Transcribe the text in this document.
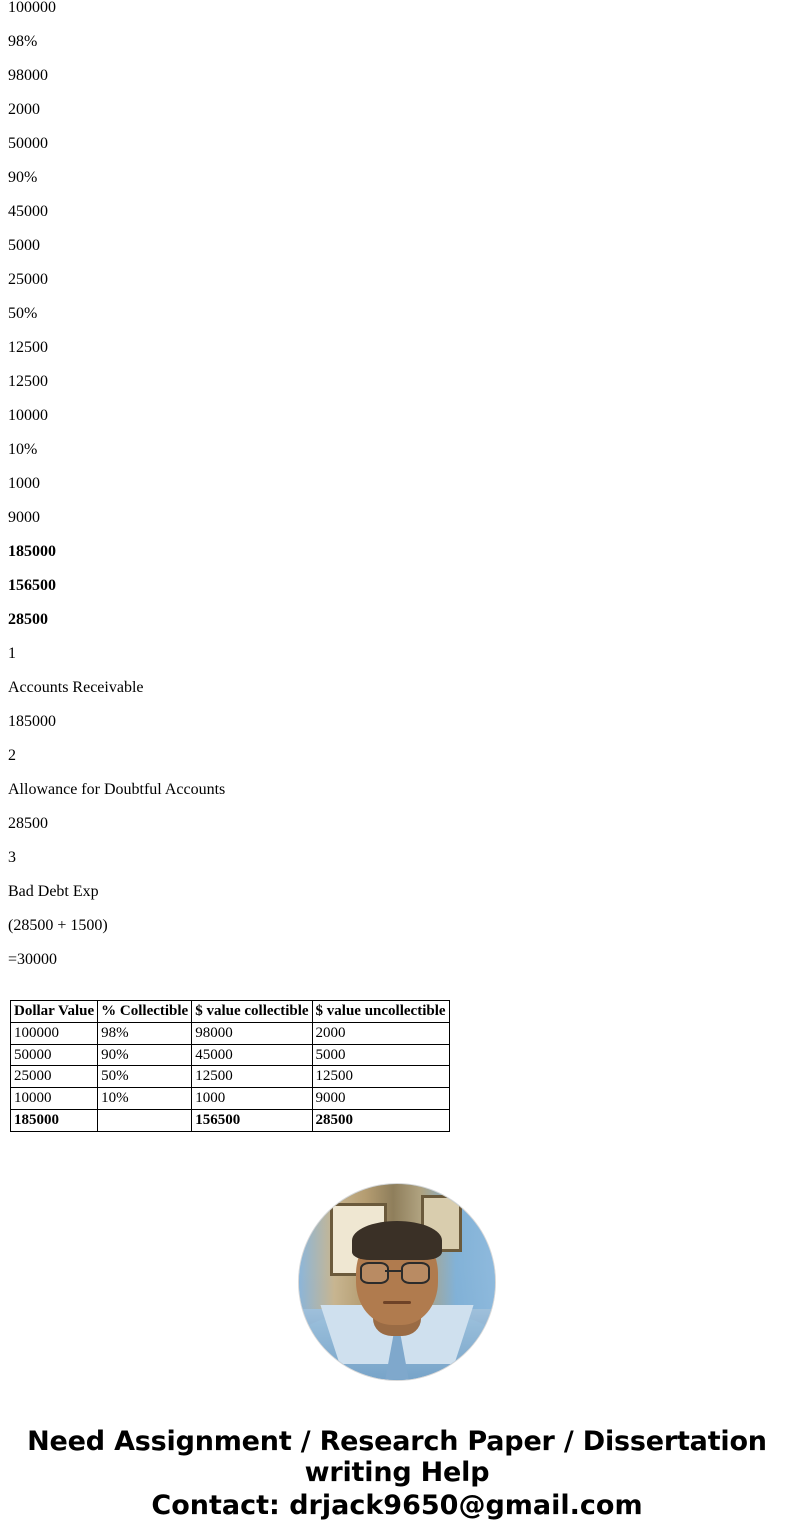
100000
98%
98000
2000
50000
90%
45000
5000
25000
50%
12500
12500
10000
10%
1000
9000
185000
156500
28500
1
Accounts Receivable
185000
2
Allowance for Doubtful Accounts
28500
3
Bad Debt Exp
(28500 + 1500)
=30000
Dollar Value	% Collectible	$ value collectible	$ value uncollectible
100000	98%	98000	2000
50000	90%	45000	5000
25000	50%	12500	12500
10000	10%	1000	9000
185000		156500	28500
Need Assignment / Research Paper / Dissertation writing Help
Contact: drjack9650@gmail.com
